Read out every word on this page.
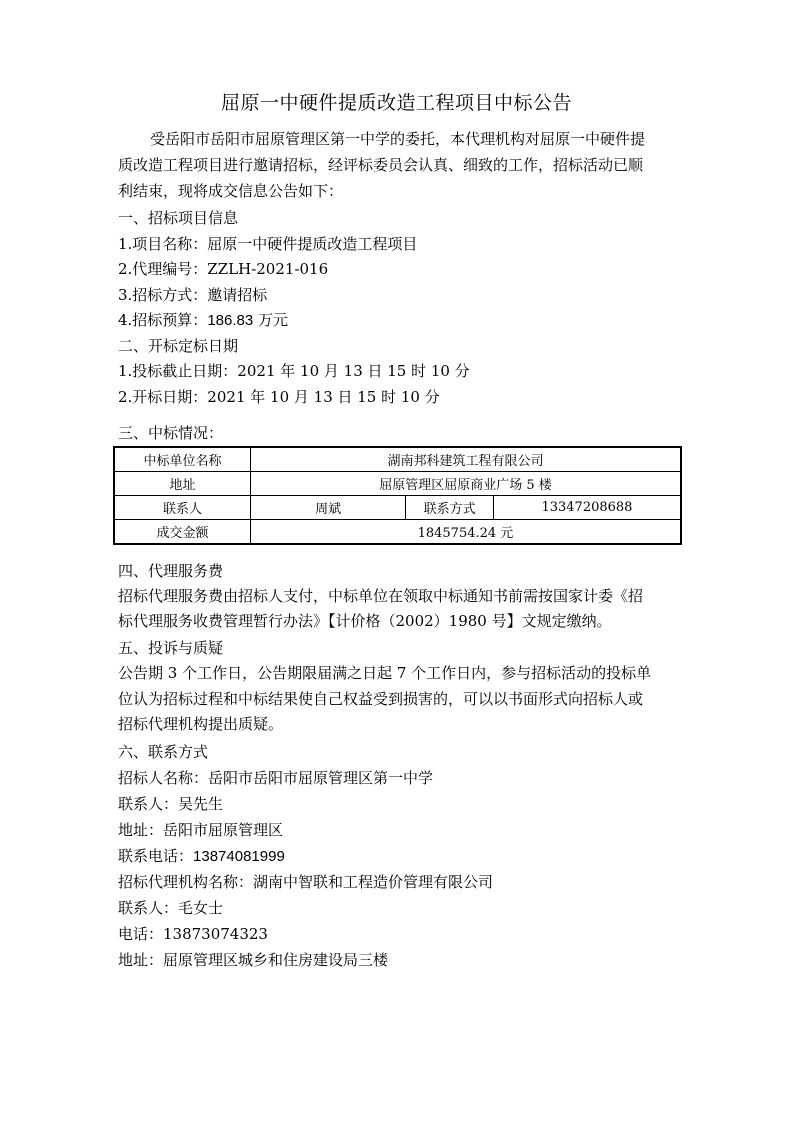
屈原一中硬件提质改造工程项目中标公告
受岳阳市岳阳市屈原管理区第一中学的委托，本代理机构对屈原一中硬件提
质改造工程项目进行邀请招标，经评标委员会认真、细致的工作，招标活动已顺
利结束，现将成交信息公告如下：
一、招标项目信息
1.项目名称：屈原一中硬件提质改造工程项目
2.代理编号：ZZLH-2021-016
3.招标方式：邀请招标
4.招标预算：186.83 万元
二、开标定标日期
1.投标截止日期：2021 年 10 月 13 日 15 时 10 分
2.开标日期：2021 年 10 月 13 日 15 时 10 分
三、中标情况：
中标单位名称	湖南邦科建筑工程有限公司		
地址	屈原管理区屈原商业广场 5 楼		
联系人	周斌	联系方式	13347208688
成交金额	1845754.24 元		
四、代理服务费
招标代理服务费由招标人支付，中标单位在领取中标通知书前需按国家计委《招
标代理服务收费管理暂行办法》【计价格（2002）1980 号】文规定缴纳。
五、投诉与质疑
公告期 3 个工作日，公告期限届满之日起 7 个工作日内，参与招标活动的投标单
位认为招标过程和中标结果使自己权益受到损害的，可以以书面形式向招标人或
招标代理机构提出质疑。
六、联系方式
招标人名称：岳阳市岳阳市屈原管理区第一中学
联系人：吴先生
地址：岳阳市屈原管理区
联系电话：13874081999
招标代理机构名称：湖南中智联和工程造价管理有限公司
联系人：毛女士
电话：13873074323
地址：屈原管理区城乡和住房建设局三楼
